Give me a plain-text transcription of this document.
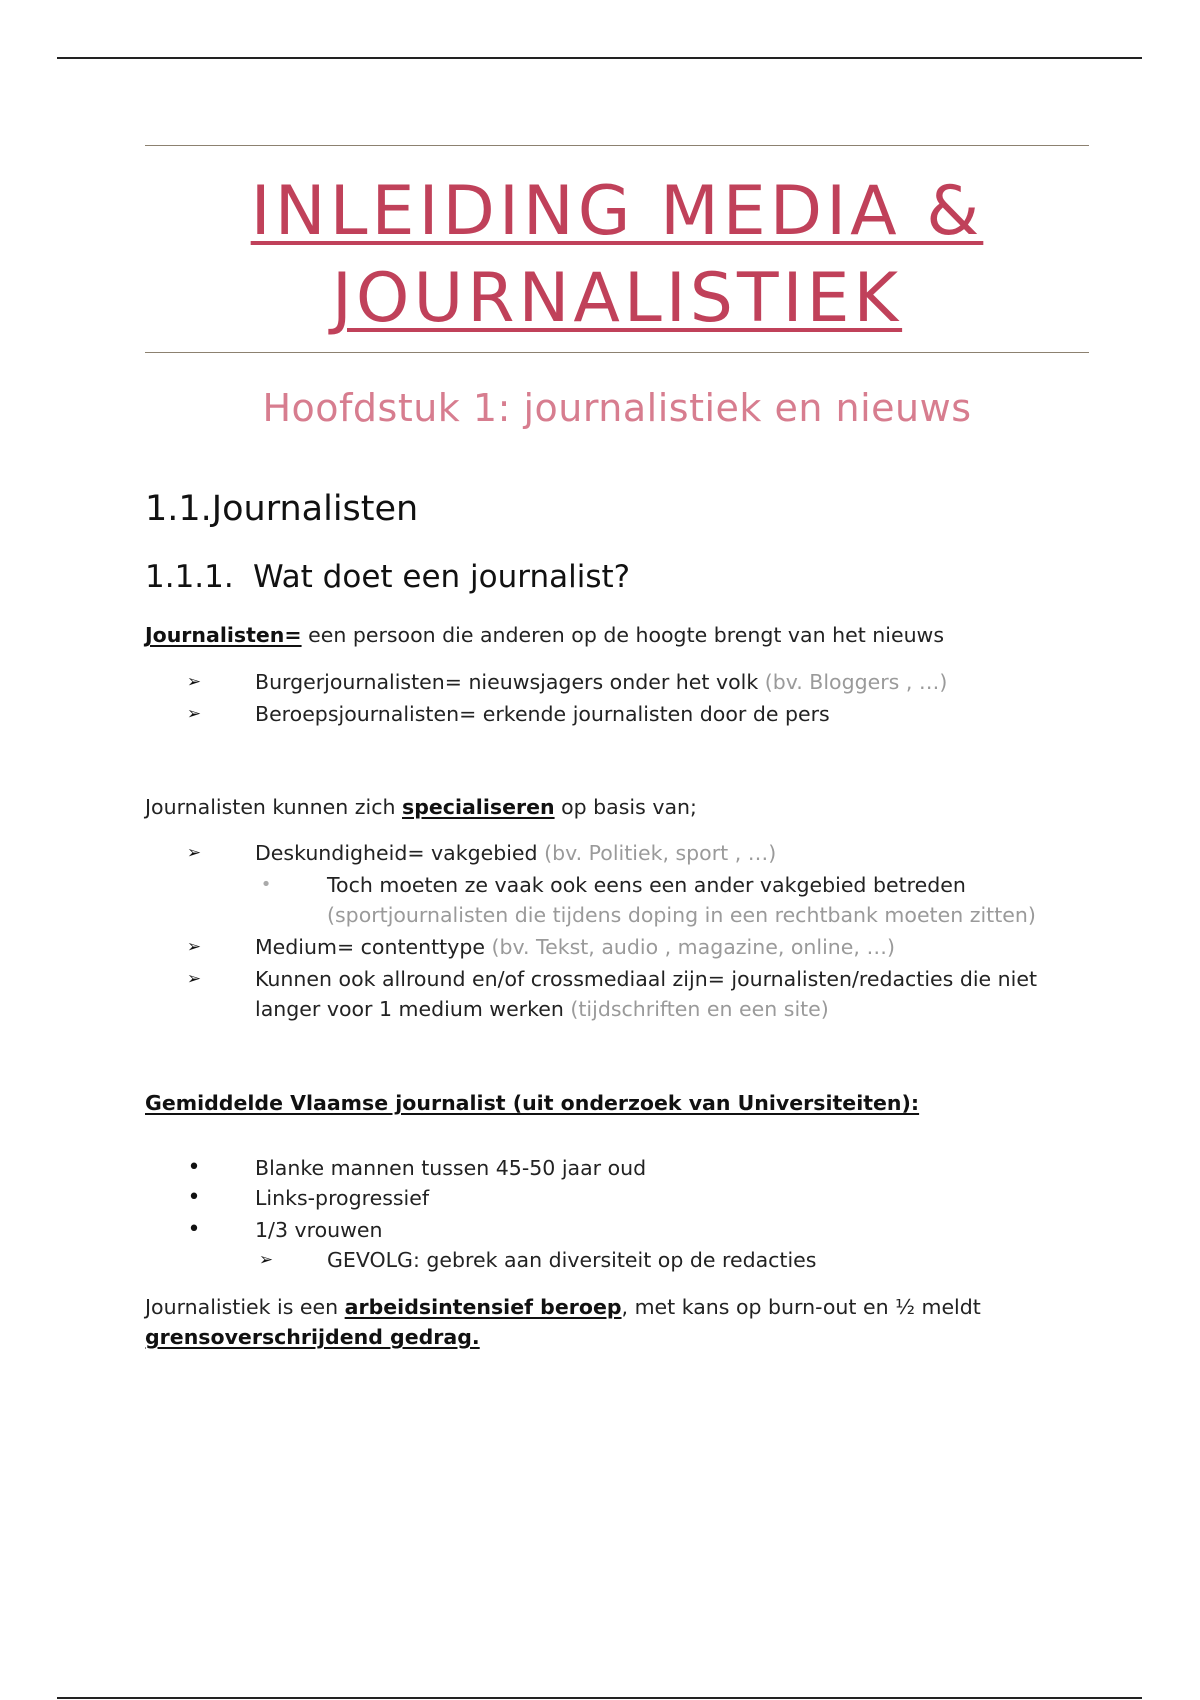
INLEIDING MEDIA &
JOURNALISTIEK
Hoofdstuk 1: journalistiek en nieuws
1.1.Journalisten
1.1.1. Wat doet een journalist?

Journalisten= een persoon die anderen op de hoogte brengt van het nieuws

➢	Burgerjournalisten= nieuwsjagers onder het volk (bv. Bloggers , …)
➢	Beroepsjournalisten= erkende journalisten door de pers

Journalisten kunnen zich specialiseren op basis van;

➢	Deskundigheid= vakgebied (bv. Politiek, sport , …)
•	Toch moeten ze vaak ook eens een ander vakgebied betreden
(sportjournalisten die tijdens doping in een rechtbank moeten zitten)
➢	Medium= contenttype (bv. Tekst, audio , magazine, online, …)
➢	Kunnen ook allround en/of crossmediaal zijn= journalisten/redacties die niet
langer voor 1 medium werken (tijdschriften en een site)

Gemiddelde Vlaamse journalist (uit onderzoek van Universiteiten):

•	Blanke mannen tussen 45-50 jaar oud
•	Links-progressief
•	1/3 vrouwen
➢	GEVOLG: gebrek aan diversiteit op de redacties

Journalistiek is een arbeidsintensief beroep, met kans op burn-out en ½ meldt
grensoverschrijdend gedrag.
